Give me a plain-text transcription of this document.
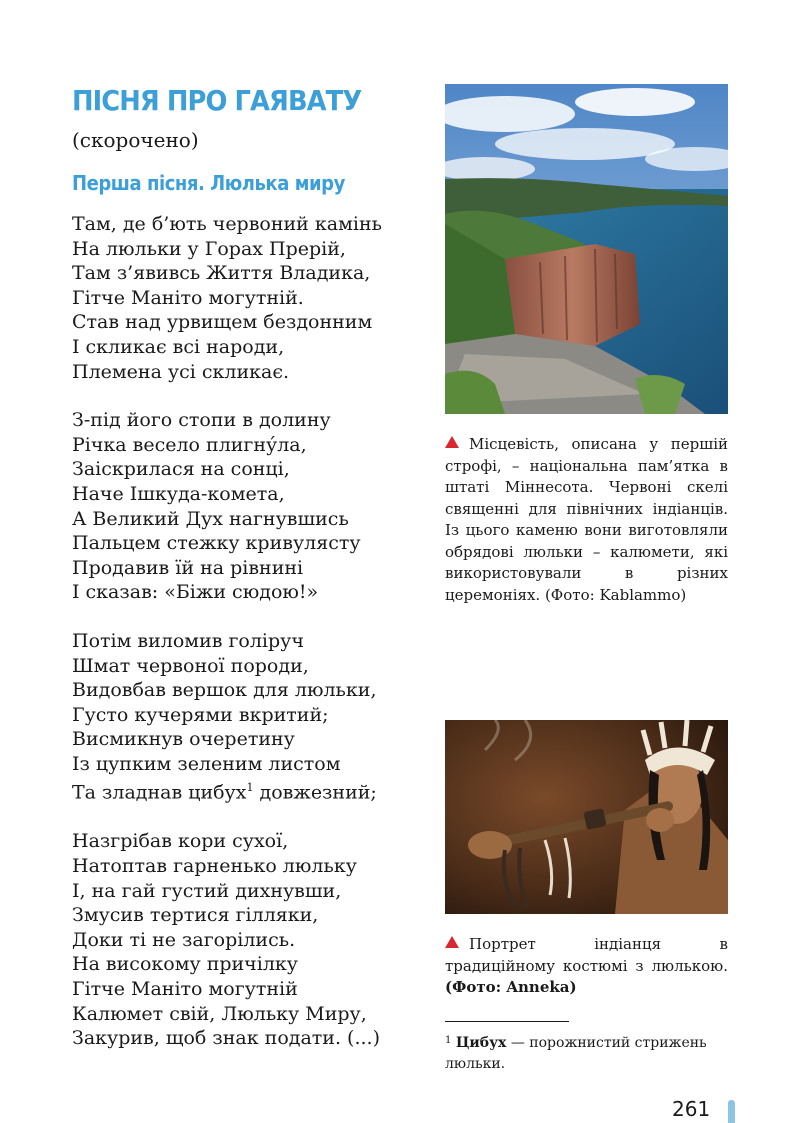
ПІСНЯ ПРО ГАЯВАТУ
(скорочено)
Перша пісня. Люлька миру
Там, де б’ють червоний камінь
На люльки у Горах Прерій,
Там з’явивсь Життя Владика,
Гітче Маніто могутній.
Став над урвищем бездонним
І скликає всі народи,
Племена усі скликає.
З-під його стопи в долину
Річка весело плигну́ла,
Заіскрилася на сонці,
Наче Ішкуда-комета,
А Великий Дух нагнувшись
Пальцем стежку кривулясту
Продавив їй на рівнині
І сказав: «Біжи сюдою!»
Потім виломив голіруч
Шмат червоної породи,
Видовбав вершок для люльки,
Густо кучерями вкритий;
Висмикнув очеретину
Із цупким зеленим листом
Та зладнав цибух$^1$ довжезний;
Назгрібав кори сухої,
Натоптав гарненько люльку
І, на гай густий дихнувши,
Змусив тертися гілляки,
Доки ті не загорілись.
На високому причілку
Гітче Маніто могутній
Калюмет свій, Люльку Миру,
Закурив, щоб знак подати. (...)
Місцевість, описана у першій строфі, – національна пам’ятка в штаті Міннесота. Червоні скелі священні для північних індіанців. Із цього каменю вони виготовляли обрядові люльки – калюмети, які використовували в різних церемоніях. (Фото: Kablammo)
Портрет індіанця в традиційному костюмі з люлькою. (Фото: Anneka)
$^1$ Цибух — порожнистий стрижень люльки.
261
